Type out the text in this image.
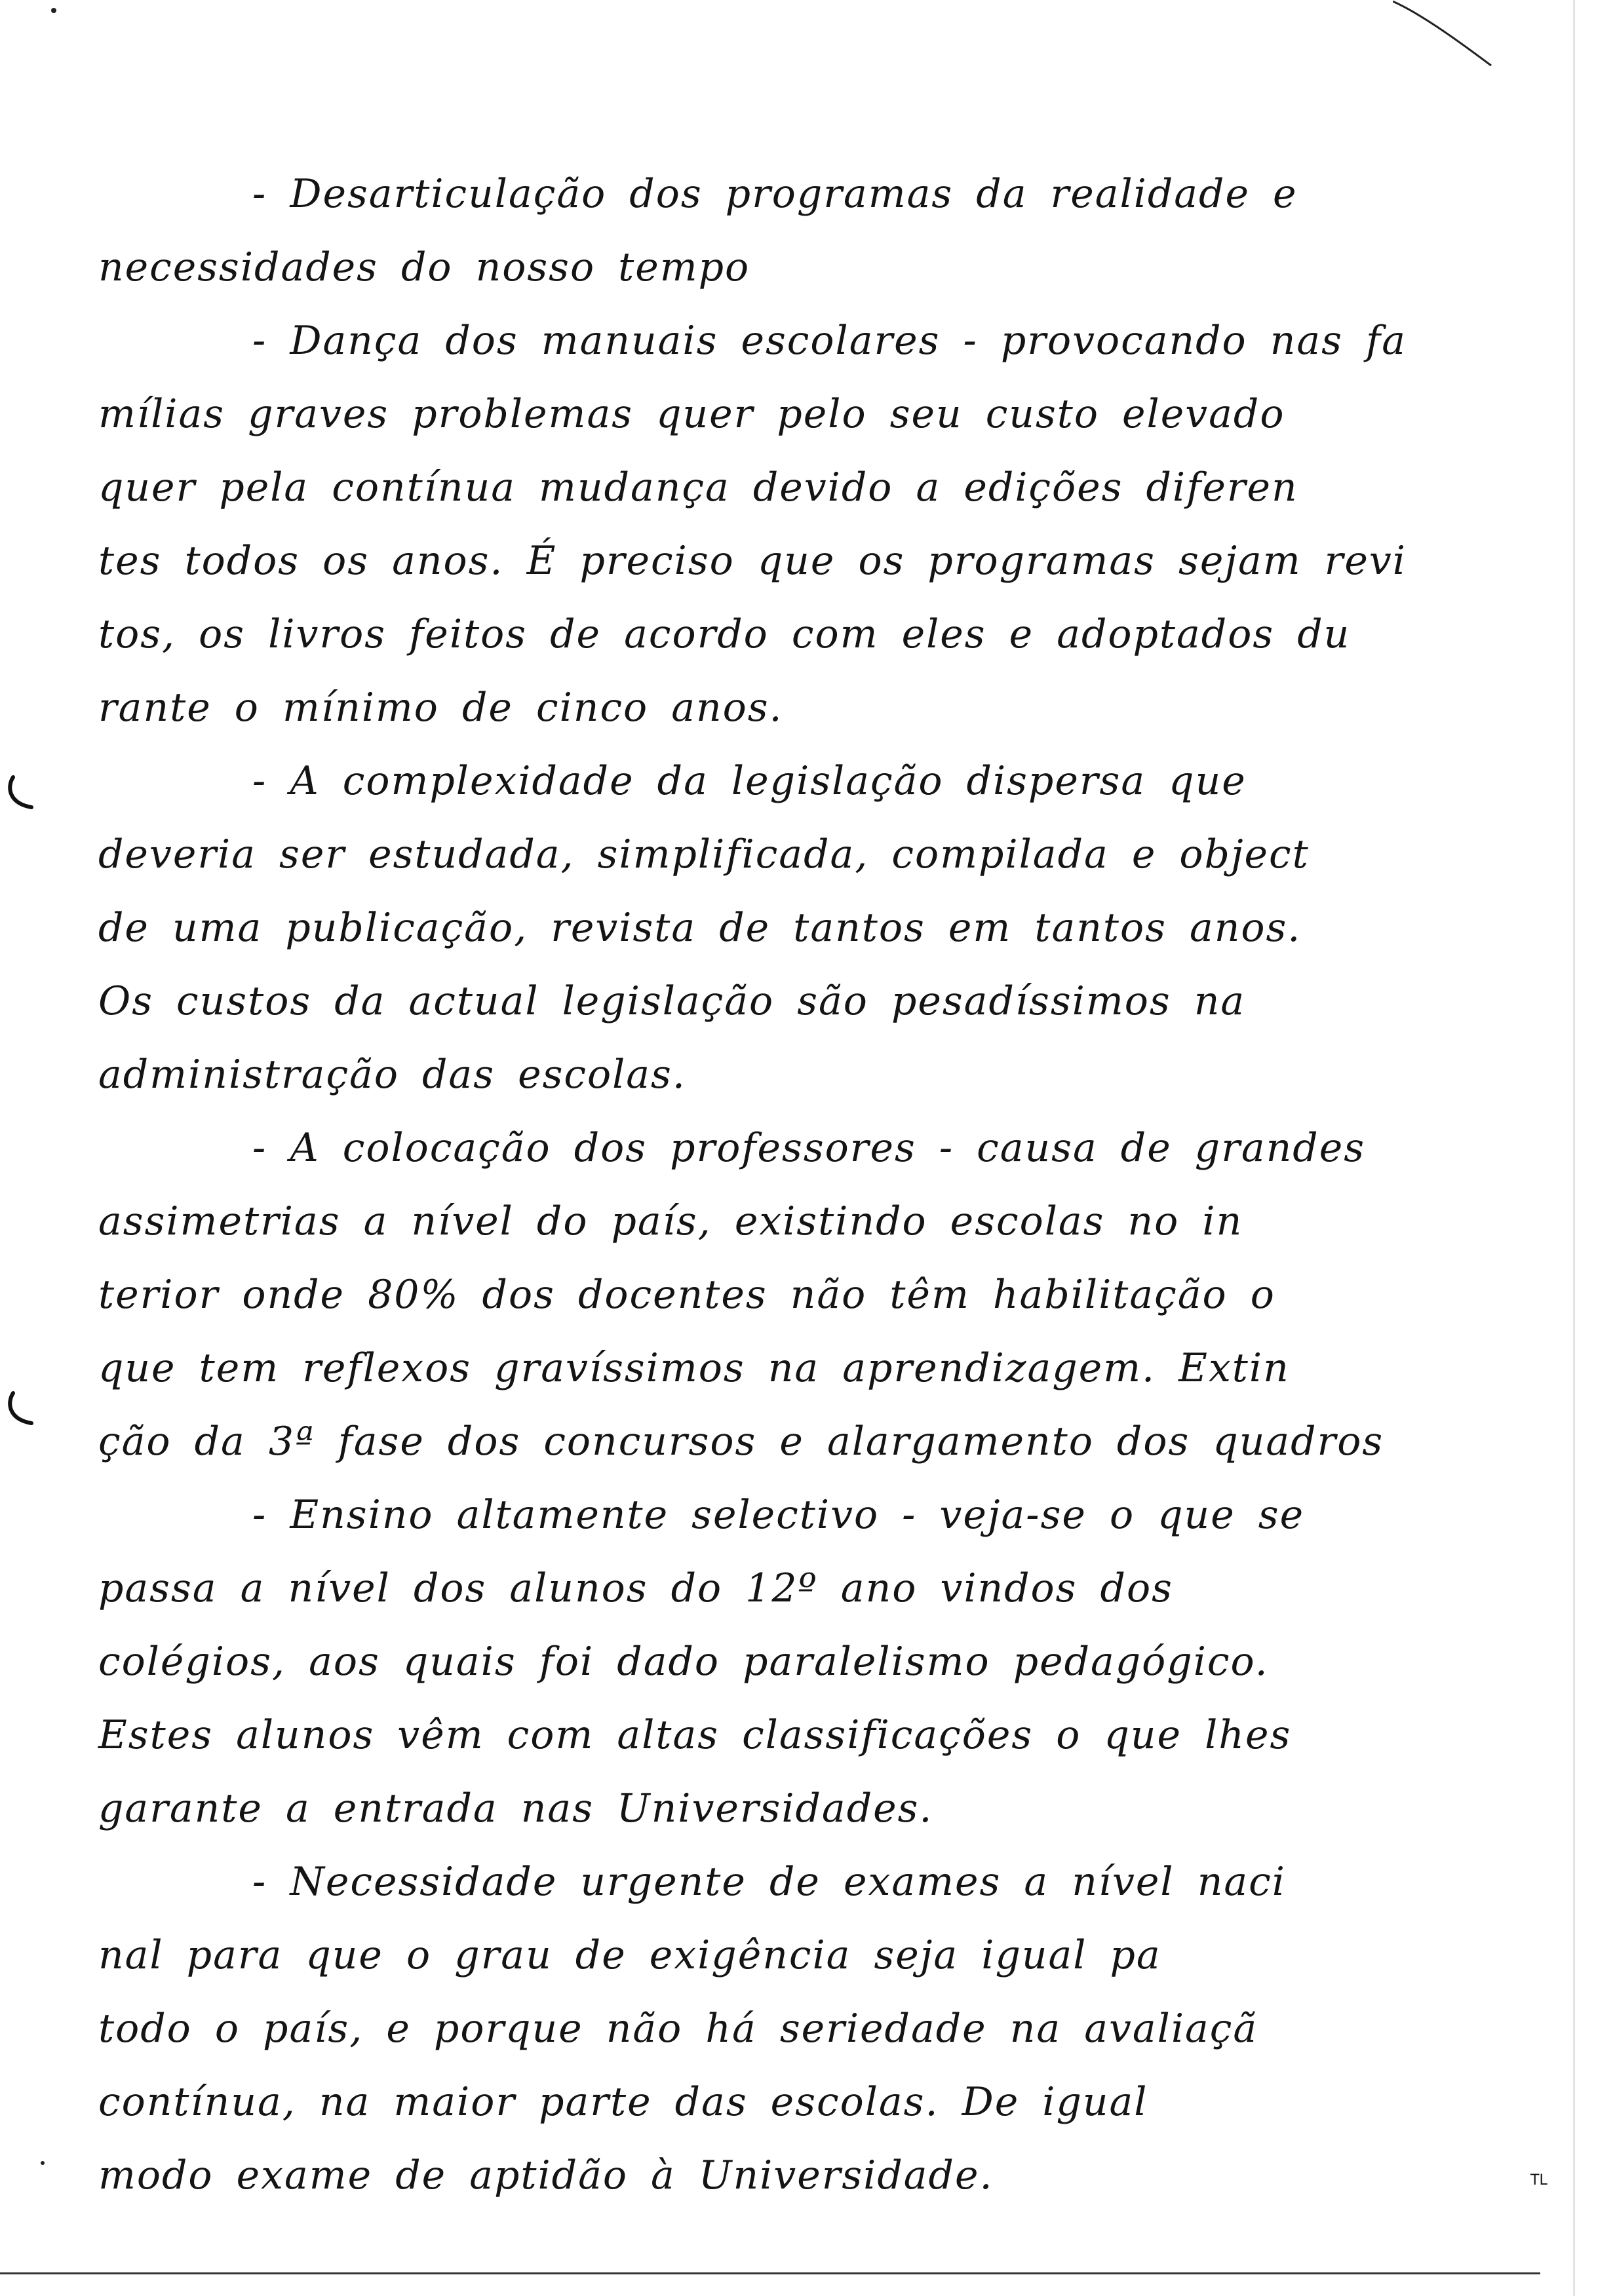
- Desarticulação dos programas da realidade e
necessidades do nosso tempo
- Dança dos manuais escolares - provocando nas fa
mílias graves problemas quer pelo seu custo elevado
quer pela contínua mudança devido a edições diferen
tes todos os anos. É preciso que os programas sejam revi
tos, os livros feitos de acordo com eles e adoptados du
rante o mínimo de cinco anos.
- A complexidade da legislação dispersa que
deveria ser estudada, simplificada, compilada e object
de uma publicação, revista de tantos em tantos anos.
Os custos da actual legislação são pesadíssimos na
administração das escolas.
- A colocação dos professores - causa de grandes
assimetrias a nível do país, existindo escolas no in
terior onde 80% dos docentes não têm habilitação o
que tem reflexos gravíssimos na aprendizagem. Extin
ção da 3ª fase dos concursos e alargamento dos quadros
- Ensino altamente selectivo - veja-se o que se
passa a nível dos alunos do 12º ano vindos dos
colégios, aos quais foi dado paralelismo pedagógico.
Estes alunos vêm com altas classificações o que lhes
garante a entrada nas Universidades.
- Necessidade urgente de exames a nível naci
nal para que o grau de exigência seja igual pa
todo o país, e porque não há seriedade na avaliaçã
contínua, na maior parte das escolas. De igual
modo exame de aptidão à Universidade.	TL
